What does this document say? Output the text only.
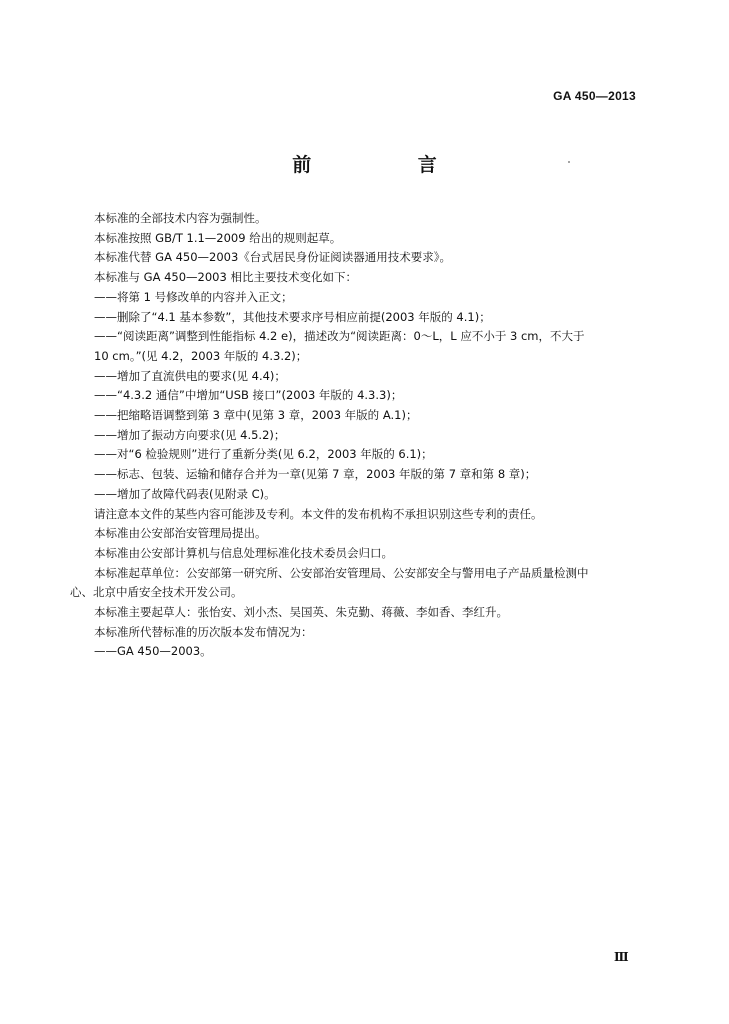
GA 450—2013
前 言
本标准的全部技术内容为强制性。
本标准按照 GB/T 1.1—2009 给出的规则起草。
本标准代替 GA 450—2003《台式居民身份证阅读器通用技术要求》。
本标准与 GA 450—2003 相比主要技术变化如下：
——将第 1 号修改单的内容并入正文；
——删除了“4.1 基本参数”，其他技术要求序号相应前提(2003 年版的 4.1)；
——“阅读距离”调整到性能指标 4.2 e)，描述改为“阅读距离：0～L，L 应不小于 3 cm，不大于
10 cm。”(见 4.2，2003 年版的 4.3.2)；
——增加了直流供电的要求(见 4.4)；
——“4.3.2 通信”中增加“USB 接口”(2003 年版的 4.3.3)；
——把缩略语调整到第 3 章中(见第 3 章，2003 年版的 A.1)；
——增加了振动方向要求(见 4.5.2)；
——对“6 检验规则”进行了重新分类(见 6.2，2003 年版的 6.1)；
——标志、包装、运输和储存合并为一章(见第 7 章，2003 年版的第 7 章和第 8 章)；
——增加了故障代码表(见附录 C)。
请注意本文件的某些内容可能涉及专利。本文件的发布机构不承担识别这些专利的责任。
本标准由公安部治安管理局提出。
本标准由公安部计算机与信息处理标准化技术委员会归口。
本标准起草单位：公安部第一研究所、公安部治安管理局、公安部安全与警用电子产品质量检测中
心、北京中盾安全技术开发公司。
本标准主要起草人：张怡安、刘小杰、吴国英、朱克勤、蒋薇、李如香、李红升。
本标准所代替标准的历次版本发布情况为：
——GA 450—2003。
Ⅲ
